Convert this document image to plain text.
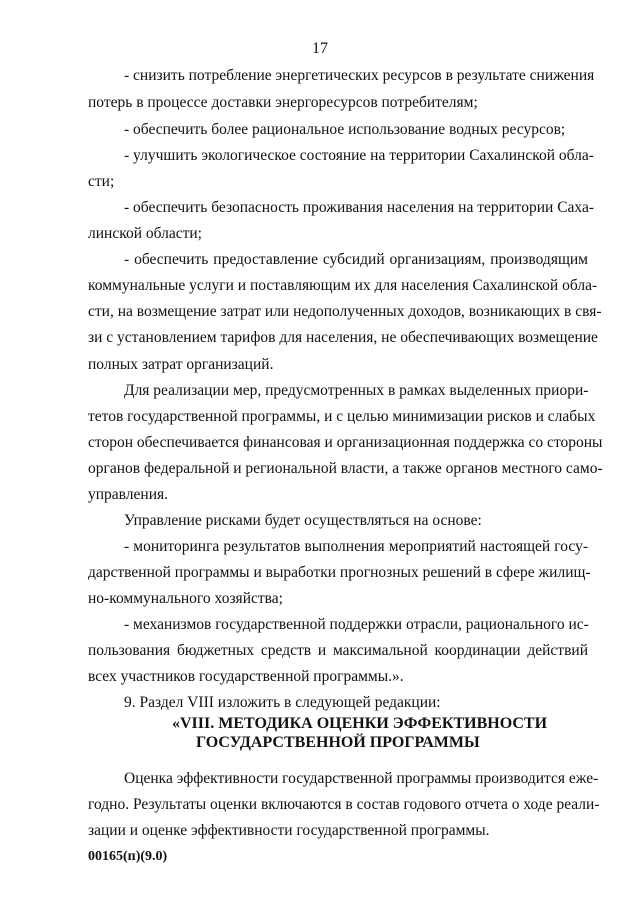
17
- снизить потребление энергетических ресурсов в результате снижения
потерь в процессе доставки энергоресурсов потребителям;
- обеспечить более рациональное использование водных ресурсов;
- улучшить экологическое состояние на территории Сахалинской обла-
сти;
- обеспечить безопасность проживания населения на территории Саха-
линской области;
- обеспечить предоставление субсидий организациям, производящим
коммунальные услуги и поставляющим их для населения Сахалинской обла-
сти, на возмещение затрат или недополученных доходов, возникающих в свя-
зи с установлением тарифов для населения, не обеспечивающих возмещение
полных затрат организаций.
Для реализации мер, предусмотренных в рамках выделенных приори-
тетов государственной программы, и с целью минимизации рисков и слабых
сторон обеспечивается финансовая и организационная поддержка со стороны
органов федеральной и региональной власти, а также органов местного само-
управления.
Управление рисками будет осуществляться на основе:
- мониторинга результатов выполнения мероприятий настоящей госу-
дарственной программы и выработки прогнозных решений в сфере жилищ-
но-коммунального хозяйства;
- механизмов государственной поддержки отрасли, рационального ис-
пользования бюджетных средств и максимальной координации действий
всех участников государственной программы.».
9. Раздел VIII изложить в следующей редакции:
«VIII. МЕТОДИКА ОЦЕНКИ ЭФФЕКТИВНОСТИ
ГОСУДАРСТВЕННОЙ ПРОГРАММЫ
Оценка эффективности государственной программы производится еже-
годно. Результаты оценки включаются в состав годового отчета о ходе реали-
зации и оценке эффективности государственной программы.
00165(п)(9.0)
